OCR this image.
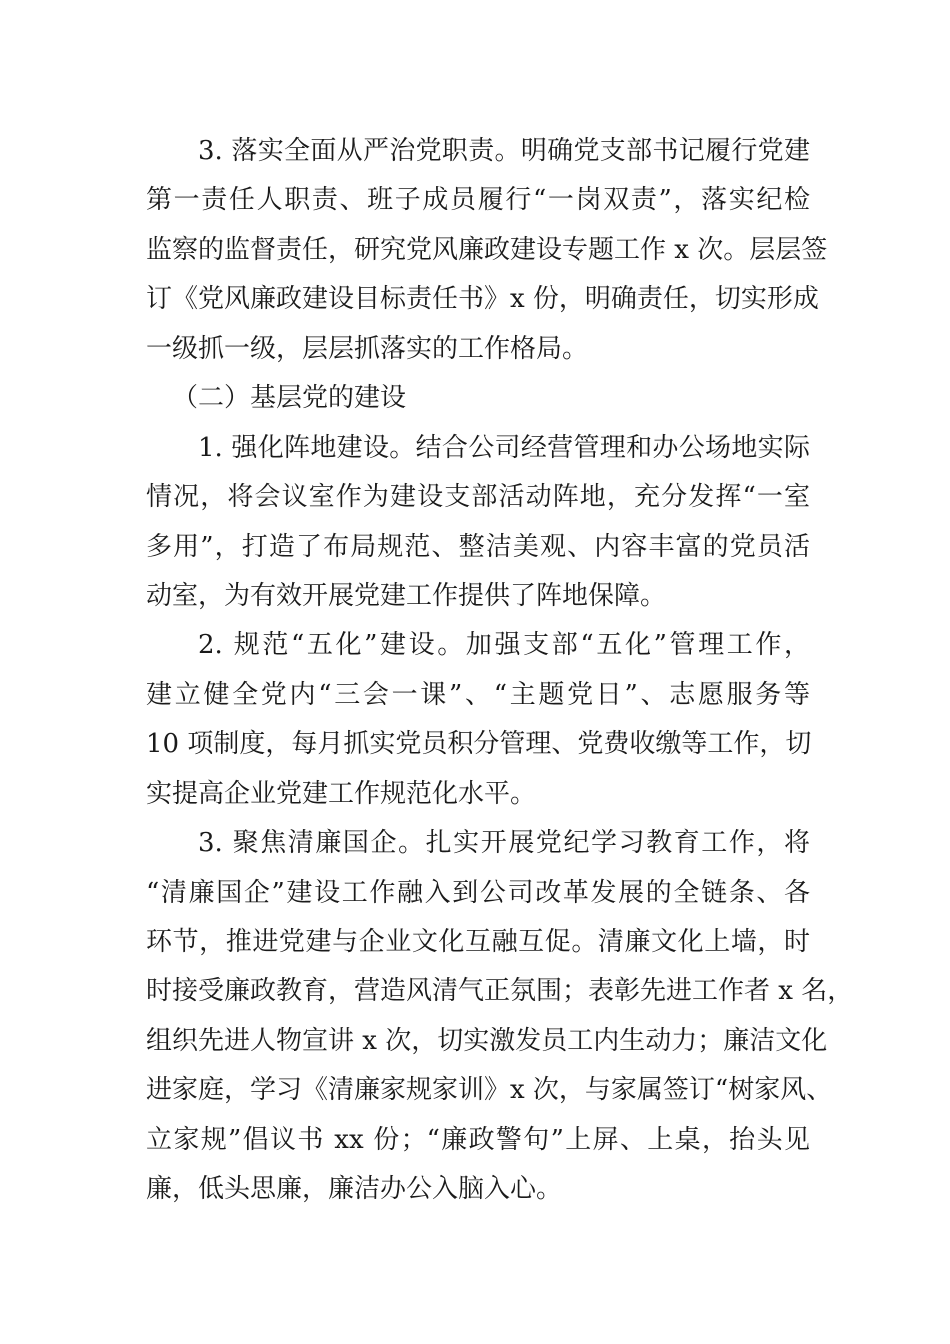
3. 落实全面从严治党职责。明确党支部书记履行党建
第一责任人职责、班子成员履行“一岗双责”，落实纪检
监察的监督责任，研究党风廉政建设专题工作 x 次。层层签
订《党风廉政建设目标责任书》x 份，明确责任，切实形成
一级抓一级，层层抓落实的工作格局。
（二）基层党的建设
1. 强化阵地建设。结合公司经营管理和办公场地实际
情况，将会议室作为建设支部活动阵地，充分发挥“一室
多用”，打造了布局规范、整洁美观、内容丰富的党员活
动室，为有效开展党建工作提供了阵地保障。
2. 规范“五化”建设。加强支部“五化”管理工作，
建立健全党内“三会一课”、“主题党日”、志愿服务等
10 项制度，每月抓实党员积分管理、党费收缴等工作，切
实提高企业党建工作规范化水平。
3. 聚焦清廉国企。扎实开展党纪学习教育工作，将
“清廉国企”建设工作融入到公司改革发展的全链条、各
环节，推进党建与企业文化互融互促。清廉文化上墙，时
时接受廉政教育，营造风清气正氛围；表彰先进工作者 x 名，
组织先进人物宣讲 x 次，切实激发员工内生动力；廉洁文化
进家庭，学习《清廉家规家训》x 次，与家属签订“树家风、
立家规”倡议书 xx 份；“廉政警句”上屏、上桌，抬头见
廉，低头思廉，廉洁办公入脑入心。
